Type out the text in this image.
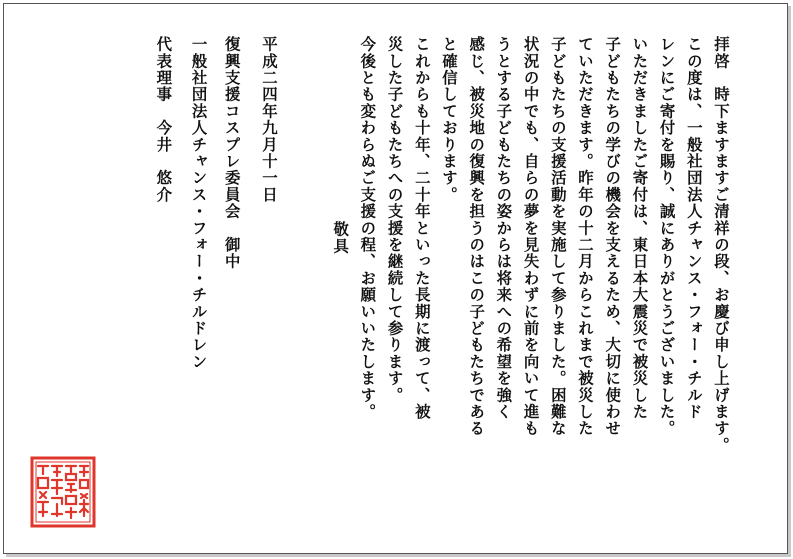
拝啓　時下ますますご清祥の段、お慶び申し上げます。
この度は、一般社団法人チャンス・フォー・チルド
レンにご寄付を賜り、誠にありがとうございました。
いただきましたご寄付は、東日本大震災で被災した
子どもたちの学びの機会を支えるため、大切に使わせ
ていただきます。昨年の十二月からこれまで被災した
子どもたちの支援活動を実施して参りました。困難な
状況の中でも、自らの夢を見失わずに前を向いて進も
うとする子どもたちの姿からは将来への希望を強く
感じ、被災地の復興を担うのはこの子どもたちである
と確信しております。
これからも十年、二十年といった長期に渡って、被
災した子どもたちへの支援を継続して参ります。
今後とも変わらぬご支援の程、お願いいたします。
敬具
平成二四年九月十一日
復興支援コスプレ委員会　御中
一般社団法人チャンス・フォー・チルドレン
代表理事　今井　悠介
